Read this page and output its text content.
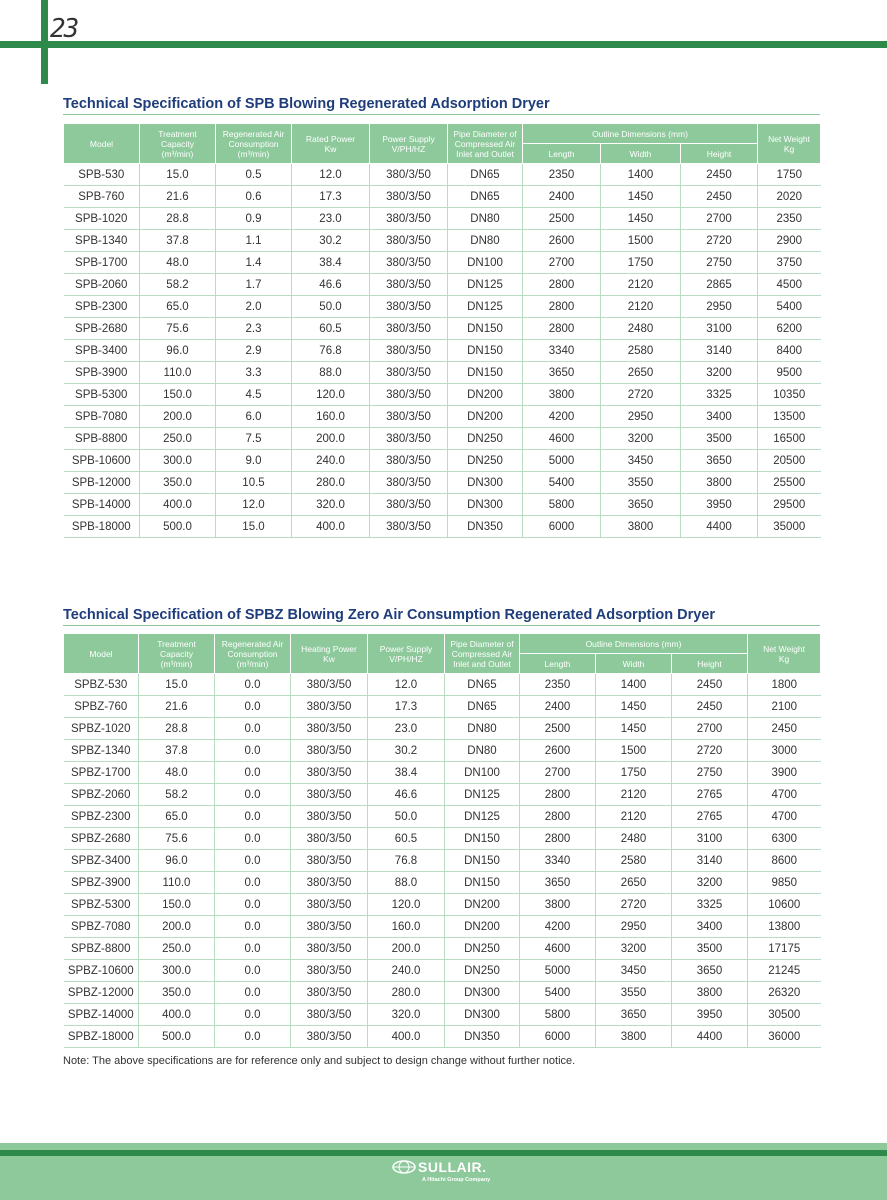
23
Technical Specification of SPB Blowing Regenerated Adsorption Dryer
Model	Treatment
Capacity
(m³/min)	Regenerated Air
Consumption
(m³/min)	Rated Power
Kw	Power Supply
V/PH/HZ	Pipe Diameter of
Compressed Air
Inlet and Outlet	Outline Dimensions (mm)			Net Weight
Kg
						Length	Width	Height	
SPB-530	15.0	0.5	12.0	380/3/50	DN65	2350	1400	2450	1750
SPB-760	21.6	0.6	17.3	380/3/50	DN65	2400	1450	2450	2020
SPB-1020	28.8	0.9	23.0	380/3/50	DN80	2500	1450	2700	2350
SPB-1340	37.8	1.1	30.2	380/3/50	DN80	2600	1500	2720	2900
SPB-1700	48.0	1.4	38.4	380/3/50	DN100	2700	1750	2750	3750
SPB-2060	58.2	1.7	46.6	380/3/50	DN125	2800	2120	2865	4500
SPB-2300	65.0	2.0	50.0	380/3/50	DN125	2800	2120	2950	5400
SPB-2680	75.6	2.3	60.5	380/3/50	DN150	2800	2480	3100	6200
SPB-3400	96.0	2.9	76.8	380/3/50	DN150	3340	2580	3140	8400
SPB-3900	110.0	3.3	88.0	380/3/50	DN150	3650	2650	3200	9500
SPB-5300	150.0	4.5	120.0	380/3/50	DN200	3800	2720	3325	10350
SPB-7080	200.0	6.0	160.0	380/3/50	DN200	4200	2950	3400	13500
SPB-8800	250.0	7.5	200.0	380/3/50	DN250	4600	3200	3500	16500
SPB-10600	300.0	9.0	240.0	380/3/50	DN250	5000	3450	3650	20500
SPB-12000	350.0	10.5	280.0	380/3/50	DN300	5400	3550	3800	25500
SPB-14000	400.0	12.0	320.0	380/3/50	DN300	5800	3650	3950	29500
SPB-18000	500.0	15.0	400.0	380/3/50	DN350	6000	3800	4400	35000
Technical Specification of SPBZ Blowing Zero Air Consumption Regenerated Adsorption Dryer
Model	Treatment
Capacity
(m³/min)	Regenerated Air
Consumption
(m³/min)	Heating Power
Kw	Power Supply
V/PH/HZ	Pipe Diameter of
Compressed Air
Inlet and Outlet	Outline Dimensions (mm)			Net Weight
Kg
						Length	Width	Height	
SPBZ-530	15.0	0.0	380/3/50	12.0	DN65	2350	1400	2450	1800
SPBZ-760	21.6	0.0	380/3/50	17.3	DN65	2400	1450	2450	2100
SPBZ-1020	28.8	0.0	380/3/50	23.0	DN80	2500	1450	2700	2450
SPBZ-1340	37.8	0.0	380/3/50	30.2	DN80	2600	1500	2720	3000
SPBZ-1700	48.0	0.0	380/3/50	38.4	DN100	2700	1750	2750	3900
SPBZ-2060	58.2	0.0	380/3/50	46.6	DN125	2800	2120	2765	4700
SPBZ-2300	65.0	0.0	380/3/50	50.0	DN125	2800	2120	2765	4700
SPBZ-2680	75.6	0.0	380/3/50	60.5	DN150	2800	2480	3100	6300
SPBZ-3400	96.0	0.0	380/3/50	76.8	DN150	3340	2580	3140	8600
SPBZ-3900	110.0	0.0	380/3/50	88.0	DN150	3650	2650	3200	9850
SPBZ-5300	150.0	0.0	380/3/50	120.0	DN200	3800	2720	3325	10600
SPBZ-7080	200.0	0.0	380/3/50	160.0	DN200	4200	2950	3400	13800
SPBZ-8800	250.0	0.0	380/3/50	200.0	DN250	4600	3200	3500	17175
SPBZ-10600	300.0	0.0	380/3/50	240.0	DN250	5000	3450	3650	21245
SPBZ-12000	350.0	0.0	380/3/50	280.0	DN300	5400	3550	3800	26320
SPBZ-14000	400.0	0.0	380/3/50	320.0	DN300	5800	3650	3950	30500
SPBZ-18000	500.0	0.0	380/3/50	400.0	DN350	6000	3800	4400	36000
Note: The above specifications are for reference only and subject to design change without further notice.
SULLAIR.
A Hitachi Group Company
